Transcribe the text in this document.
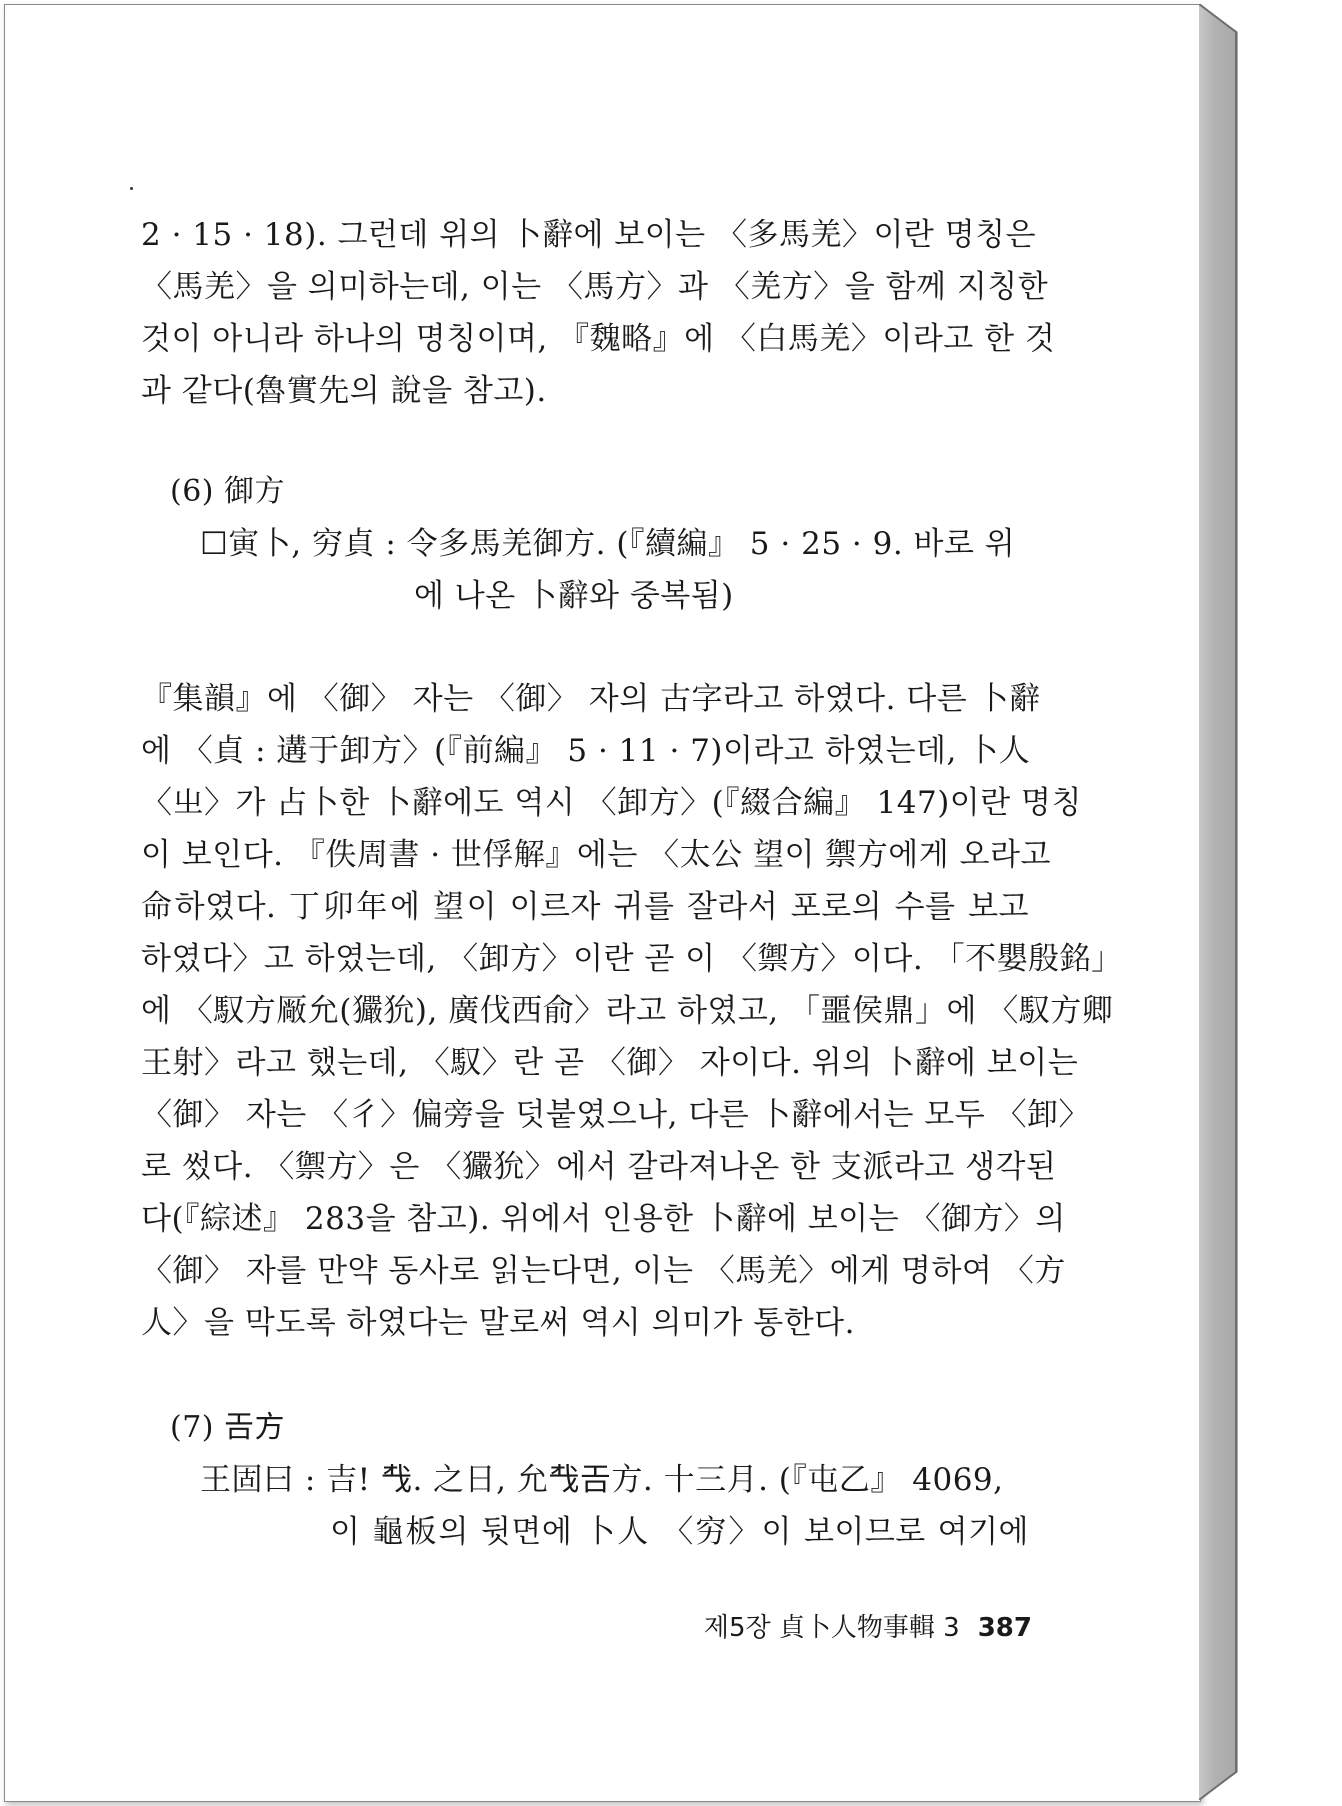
2 · 15 · 18). 그런데 위의 卜辭에 보이는 〈多馬羌〉이란 명칭은
〈馬羌〉을 의미하는데, 이는 〈馬方〉과 〈羌方〉을 함께 지칭한
것이 아니라 하나의 명칭이며, 『魏略』에 〈白馬羌〉이라고 한 것
과 같다(魯實先의 說을 참고).
(6) 御方
☐寅卜, 穷貞 : 令多馬羌御方. (『續編』 5 · 25 · 9. 바로 위
에 나온 卜辭와 중복됨)
『集韻』에 〈御〉 자는 〈御〉 자의 古字라고 하였다. 다른 卜辭
에 〈貞 : 遘于卸方〉(『前編』 5 · 11 · 7)이라고 하였는데, 卜人
〈㞢〉가 占卜한 卜辭에도 역시 〈卸方〉(『綴合編』 147)이란 명칭
이 보인다. 『佚周書 · 世俘解』에는 〈太公 望이 禦方에게 오라고
命하였다. 丁卯年에 望이 이르자 귀를 잘라서 포로의 수를 보고
하였다〉고 하였는데, 〈卸方〉이란 곧 이 〈禦方〉이다. 「不嬰殷銘」
에 〈馭方厰允(玁狁), 廣伐西俞〉라고 하였고, 「噩侯鼎」에 〈馭方卿
王射〉라고 했는데, 〈馭〉란 곧 〈御〉 자이다. 위의 卜辭에 보이는
〈御〉 자는 〈彳〉偏旁을 덧붙였으나, 다른 卜辭에서는 모두 〈卸〉
로 썼다. 〈禦方〉은 〈玁狁〉에서 갈라져나온 한 支派라고 생각된
다(『綜述』 283을 참고). 위에서 인용한 卜辭에 보이는 〈御方〉의
〈御〉 자를 만약 동사로 읽는다면, 이는 〈馬羌〉에게 명하여 〈方
人〉을 막도록 하였다는 말로써 역시 의미가 통한다.
(7) 𢀛方
王固曰 : 吉! 𢦔. 之日, 允𢦔𢀛方. 十三月. (『屯乙』 4069,
이 龜板의 뒷면에 卜人 〈穷〉이 보이므로 여기에
제5장 貞卜人物事輯 3 387
